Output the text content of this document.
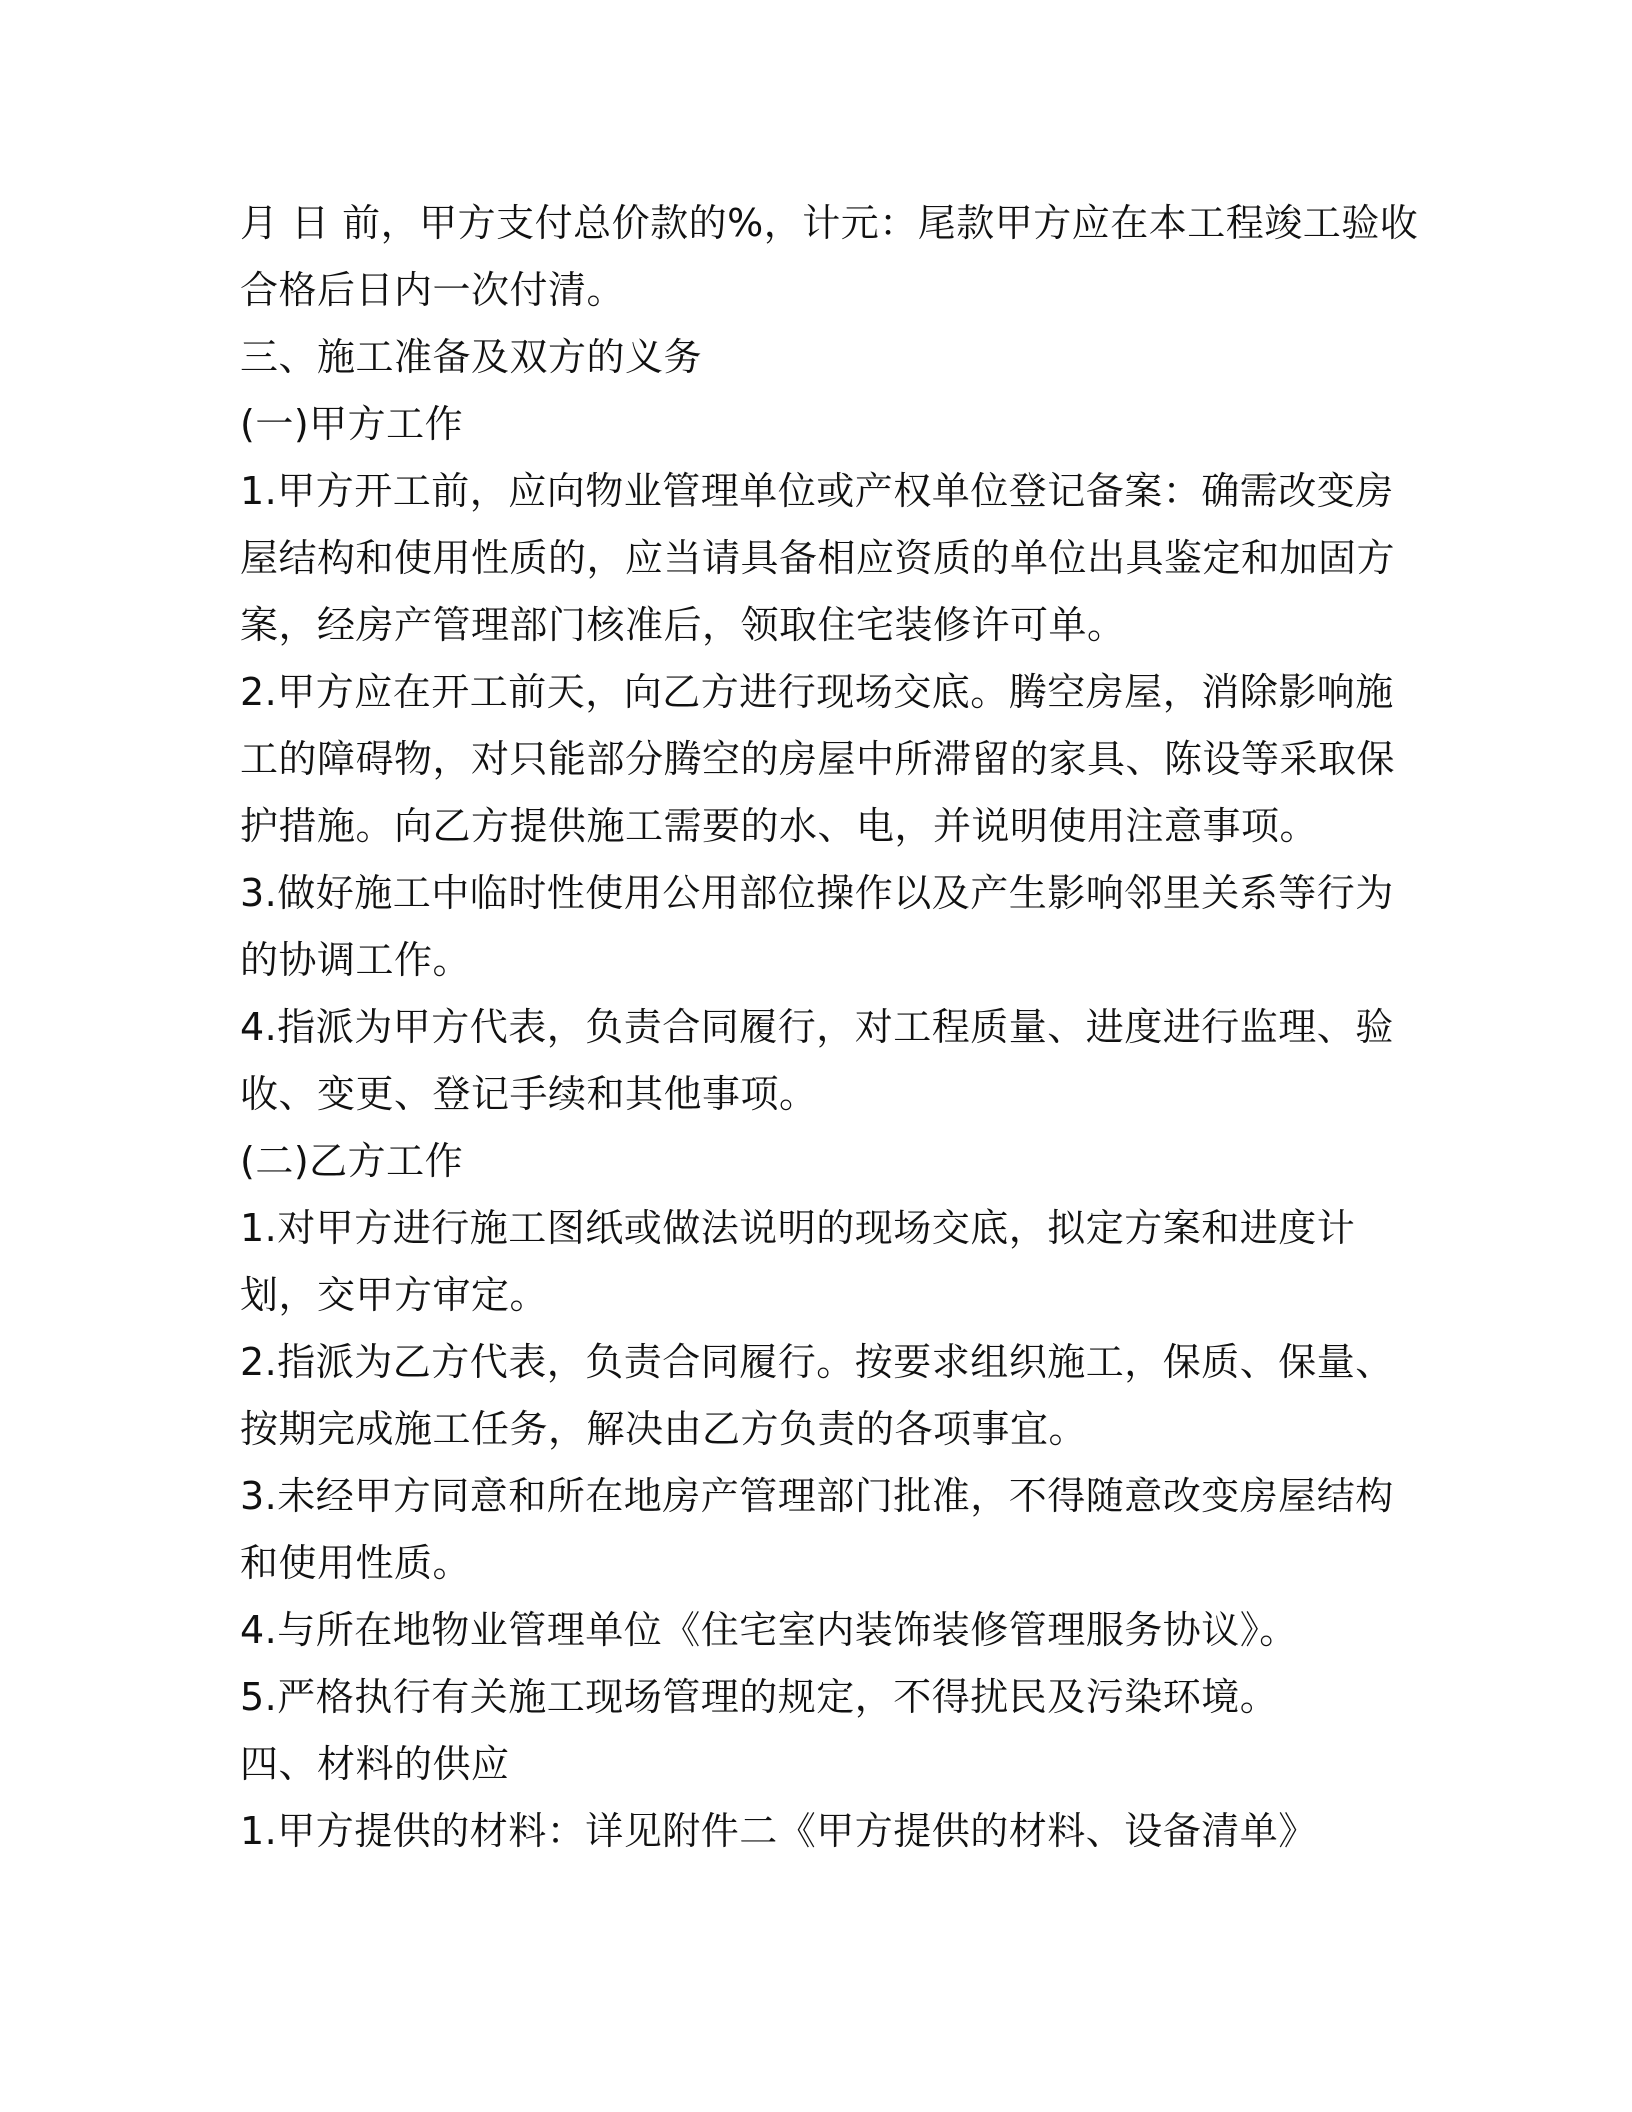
月 日 前，甲方支付总价款的%，计元：尾款甲方应在本工程竣工验收
合格后日内一次付清。
三、施工准备及双方的义务
(一)甲方工作
1.甲方开工前，应向物业管理单位或产权单位登记备案：确需改变房
屋结构和使用性质的，应当请具备相应资质的单位出具鉴定和加固方
案，经房产管理部门核准后，领取住宅装修许可单。
2.甲方应在开工前天，向乙方进行现场交底。腾空房屋，消除影响施
工的障碍物，对只能部分腾空的房屋中所滞留的家具、陈设等采取保
护措施。向乙方提供施工需要的水、电，并说明使用注意事项。
3.做好施工中临时性使用公用部位操作以及产生影响邻里关系等行为
的协调工作。
4.指派为甲方代表，负责合同履行，对工程质量、进度进行监理、验
收、变更、登记手续和其他事项。
(二)乙方工作
1.对甲方进行施工图纸或做法说明的现场交底，拟定方案和进度计
划，交甲方审定。
2.指派为乙方代表，负责合同履行。按要求组织施工，保质、保量、
按期完成施工任务，解决由乙方负责的各项事宜。
3.未经甲方同意和所在地房产管理部门批准，不得随意改变房屋结构
和使用性质。
4.与所在地物业管理单位《住宅室内装饰装修管理服务协议》。
5.严格执行有关施工现场管理的规定，不得扰民及污染环境。
四、材料的供应
1.甲方提供的材料：详见附件二《甲方提供的材料、设备清单》
